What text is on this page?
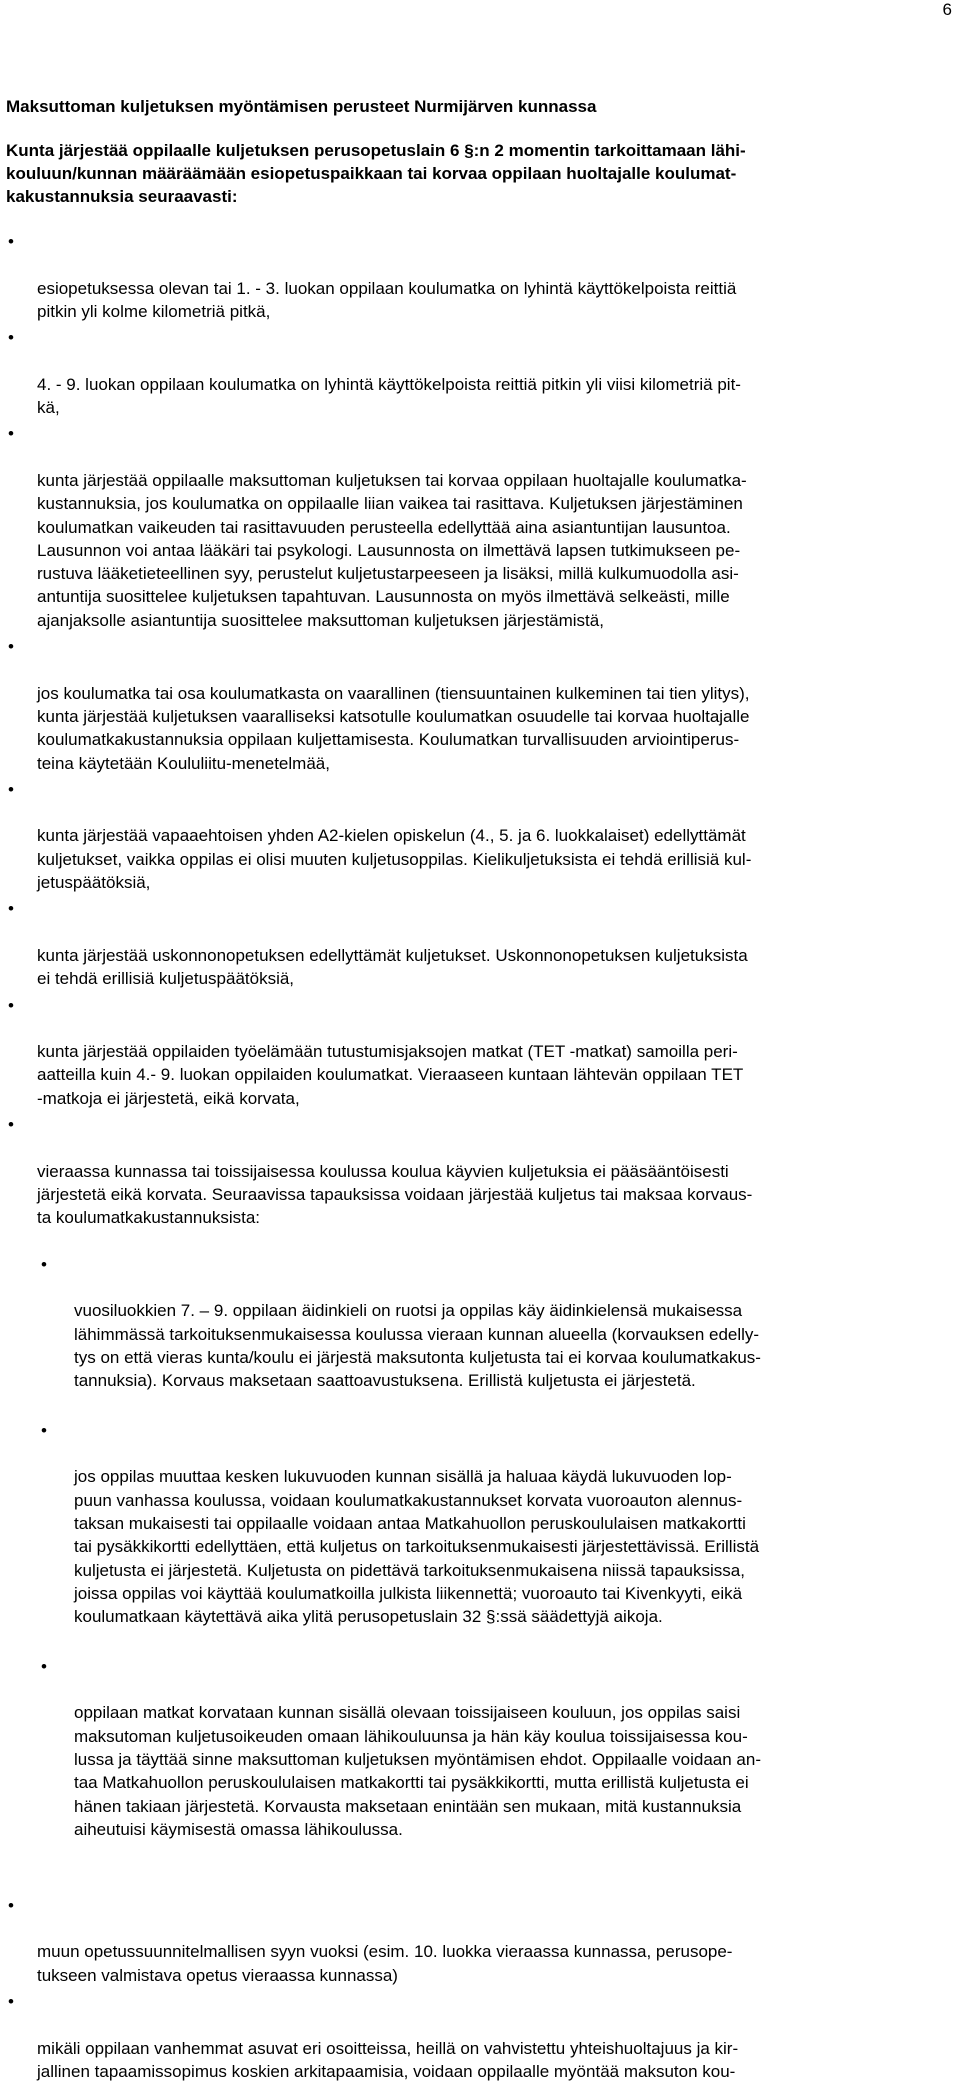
6
Maksuttoman kuljetuksen myöntämisen perusteet Nurmijärven kunnassa
Kunta järjestää oppilaalle kuljetuksen perusopetuslain 6 §:n 2 momentin tarkoittamaan lähi-
kouluun/kunnan määräämään esiopetuspaikkaan tai korvaa oppilaan huoltajalle koulumat-
kakustannuksia seuraavasti:

•

esiopetuksessa olevan tai 1. - 3. luokan oppilaan koulumatka on lyhintä käyttökelpoista reittiä
pitkin yli kolme kilometriä pitkä,

•

4. - 9. luokan oppilaan koulumatka on lyhintä käyttökelpoista reittiä pitkin yli viisi kilometriä pit-
kä,

•

kunta järjestää oppilaalle maksuttoman kuljetuksen tai korvaa oppilaan huoltajalle koulumatka-
kustannuksia, jos koulumatka on oppilaalle liian vaikea tai rasittava. Kuljetuksen järjestäminen
koulumatkan vaikeuden tai rasittavuuden perusteella edellyttää aina asiantuntijan lausuntoa.
Lausunnon voi antaa lääkäri tai psykologi. Lausunnosta on ilmettävä lapsen tutkimukseen pe-
rustuva lääketieteellinen syy, perustelut kuljetustarpeeseen ja lisäksi, millä kulkumuodolla asi-
antuntija suosittelee kuljetuksen tapahtuvan. Lausunnosta on myös ilmettävä selkeästi, mille
ajanjaksolle asiantuntija suosittelee maksuttoman kuljetuksen järjestämistä,

•

jos koulumatka tai osa koulumatkasta on vaarallinen (tiensuuntainen kulkeminen tai tien ylitys),
kunta järjestää kuljetuksen vaaralliseksi katsotulle koulumatkan osuudelle tai korvaa huoltajalle
koulumatkakustannuksia oppilaan kuljettamisesta. Koulumatkan turvallisuuden arviointiperus-
teina käytetään Koululiitu-menetelmää,

•

kunta järjestää vapaaehtoisen yhden A2-kielen opiskelun (4., 5. ja 6. luokkalaiset) edellyttämät
kuljetukset, vaikka oppilas ei olisi muuten kuljetusoppilas. Kielikuljetuksista ei tehdä erillisiä kul-
jetuspäätöksiä,

•

kunta järjestää uskonnonopetuksen edellyttämät kuljetukset. Uskonnonopetuksen kuljetuksista
ei tehdä erillisiä kuljetuspäätöksiä,

•

kunta järjestää oppilaiden työelämään tutustumisjaksojen matkat (TET -matkat) samoilla peri-
aatteilla kuin 4.- 9. luokan oppilaiden koulumatkat. Vieraaseen kuntaan lähtevän oppilaan TET
-matkoja ei järjestetä, eikä korvata,

•

vieraassa kunnassa tai toissijaisessa koulussa koulua käyvien kuljetuksia ei pääsääntöisesti
järjestetä eikä korvata. Seuraavissa tapauksissa voidaan järjestää kuljetus tai maksaa korvaus-
ta koulumatkakustannuksista:

•

vuosiluokkien 7. – 9. oppilaan äidinkieli on ruotsi ja oppilas käy äidinkielensä mukaisessa
lähimmässä tarkoituksenmukaisessa koulussa vieraan kunnan alueella (korvauksen edelly-
tys on että vieras kunta/koulu ei järjestä maksutonta kuljetusta tai ei korvaa koulumatkakus-
tannuksia). Korvaus maksetaan saattoavustuksena. Erillistä kuljetusta ei järjestetä.

•

jos oppilas muuttaa kesken lukuvuoden kunnan sisällä ja haluaa käydä lukuvuoden lop-
puun vanhassa koulussa, voidaan koulumatkakustannukset korvata vuoroauton alennus-
taksan mukaisesti tai oppilaalle voidaan antaa Matkahuollon peruskoululaisen matkakortti
tai pysäkkikortti edellyttäen, että kuljetus on tarkoituksenmukaisesti järjestettävissä. Erillistä
kuljetusta ei järjestetä. Kuljetusta on pidettävä tarkoituksenmukaisena niissä tapauksissa,
joissa oppilas voi käyttää koulumatkoilla julkista liikennettä; vuoroauto tai Kivenkyyti, eikä
koulumatkaan käytettävä aika ylitä perusopetuslain 32 §:ssä säädettyjä aikoja.

•

oppilaan matkat korvataan kunnan sisällä olevaan toissijaiseen kouluun, jos oppilas saisi
maksutoman kuljetusoikeuden omaan lähikouluunsa ja hän käy koulua toissijaisessa kou-
lussa ja täyttää sinne maksuttoman kuljetuksen myöntämisen ehdot. Oppilaalle voidaan an-
taa Matkahuollon peruskoululaisen matkakortti tai pysäkkikortti, mutta erillistä kuljetusta ei
hänen takiaan järjestetä. Korvausta maksetaan enintään sen mukaan, mitä kustannuksia
aiheutuisi käymisestä omassa lähikoulussa.

•

muun opetussuunnitelmallisen syyn vuoksi (esim. 10. luokka vieraassa kunnassa, perusope-
tukseen valmistava opetus vieraassa kunnassa)

•

mikäli oppilaan vanhemmat asuvat eri osoitteissa, heillä on vahvistettu yhteishuoltajuus ja kir-
jallinen tapaamissopimus koskien arkitapaamisia, voidaan oppilaalle myöntää maksuton kou-
